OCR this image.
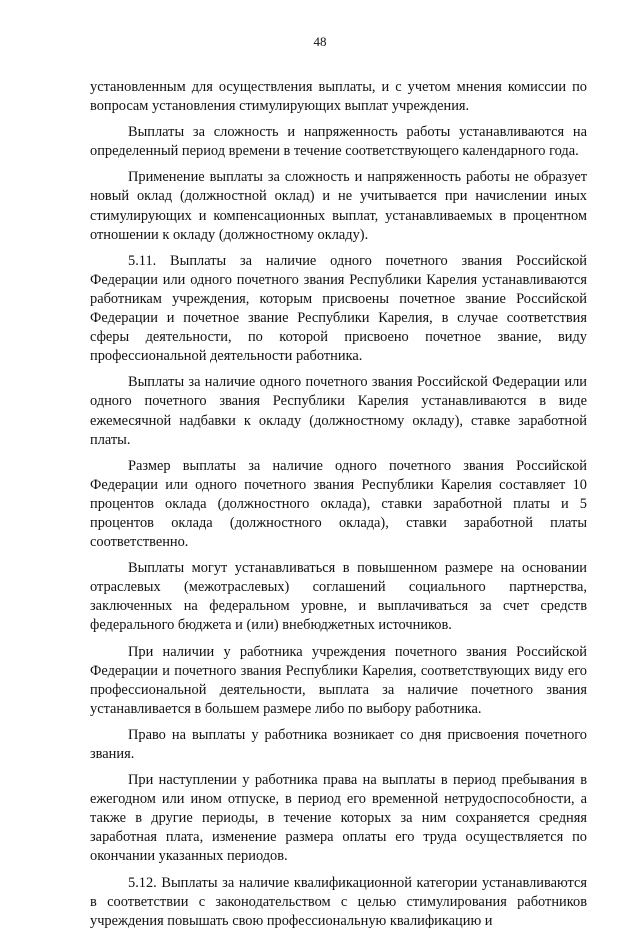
48

установленным для осуществления выплаты, и с учетом мнения комиссии по вопросам установления стимулирующих выплат учреждения.

Выплаты за сложность и напряженность работы устанавливаются на определенный период времени в течение соответствующего календарного года.

Применение выплаты за сложность и напряженность работы не образует новый оклад (должностной оклад) и не учитывается при начислении иных стимулирующих и компенсационных выплат, устанавливаемых в процентном отношении к окладу (должностному окладу).

5.11. Выплаты за наличие одного почетного звания Российской Федерации или одного почетного звания Республики Карелия устанавливаются работникам учреждения, которым присвоены почетное звание Российской Федерации и почетное звание Республики Карелия, в случае соответствия сферы деятельности, по которой присвоено почетное звание, виду профессиональной деятельности работника.

Выплаты за наличие одного почетного звания Российской Федерации или одного почетного звания Республики Карелия устанавливаются в виде ежемесячной надбавки к окладу (должностному окладу), ставке заработной платы.

Размер выплаты за наличие одного почетного звания Российской Федерации или одного почетного звания Республики Карелия составляет 10 процентов оклада (должностного оклада), ставки заработной платы и 5 процентов оклада (должностного оклада), ставки заработной платы соответственно.

Выплаты могут устанавливаться в повышенном размере на основании отраслевых (межотраслевых) соглашений социального партнерства, заключенных на федеральном уровне, и выплачиваться за счет средств федерального бюджета и (или) внебюджетных источников.

При наличии у работника учреждения почетного звания Российской Федерации и почетного звания Республики Карелия, соответствующих виду его профессиональной деятельности, выплата за наличие почетного звания устанавливается в большем размере либо по выбору работника.

Право на выплаты у работника возникает со дня присвоения почетного звания.

При наступлении у работника права на выплаты в период пребывания в ежегодном или ином отпуске, в период его временной нетрудоспособности, а также в другие периоды, в течение которых за ним сохраняется средняя заработная плата, изменение размера оплаты его труда осуществляется по окончании указанных периодов.

5.12. Выплаты за наличие квалификационной категории устанавливаются в соответствии с законодательством с целью стимулирования работников учреждения повышать свою профессиональную квалификацию и
